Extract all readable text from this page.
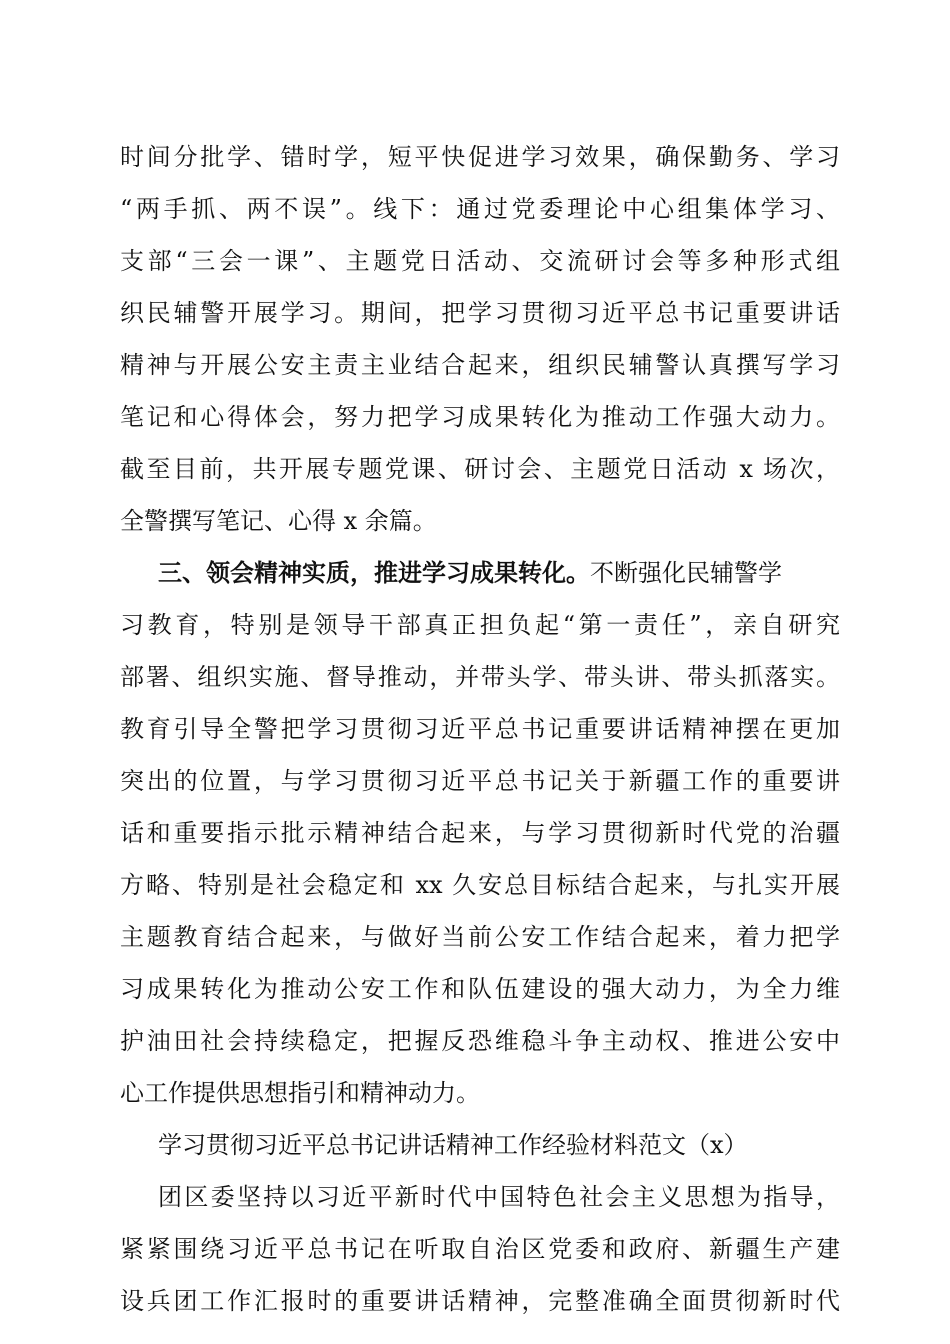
时间分批学、错时学，短平快促进学习效果，确保勤务、学习
“两手抓、两不误”。线下：通过党委理论中心组集体学习、
支部“三会一课”、主题党日活动、交流研讨会等多种形式组
织民辅警开展学习。期间，把学习贯彻习近平总书记重要讲话
精神与开展公安主责主业结合起来，组织民辅警认真撰写学习
笔记和心得体会，努力把学习成果转化为推动工作强大动力。
截至目前，共开展专题党课、研讨会、主题党日活动 x 场次，
全警撰写笔记、心得 x 余篇。
三、领会精神实质，推进学习成果转化。不断强化民辅警学
习教育，特别是领导干部真正担负起“第一责任”，亲自研究
部署、组织实施、督导推动，并带头学、带头讲、带头抓落实。
教育引导全警把学习贯彻习近平总书记重要讲话精神摆在更加
突出的位置，与学习贯彻习近平总书记关于新疆工作的重要讲
话和重要指示批示精神结合起来，与学习贯彻新时代党的治疆
方略、特别是社会稳定和 xx 久安总目标结合起来，与扎实开展
主题教育结合起来，与做好当前公安工作结合起来，着力把学
习成果转化为推动公安工作和队伍建设的强大动力，为全力维
护油田社会持续稳定，把握反恐维稳斗争主动权、推进公安中
心工作提供思想指引和精神动力。
学习贯彻习近平总书记讲话精神工作经验材料范文（x）
团区委坚持以习近平新时代中国特色社会主义思想为指导，
紧紧围绕习近平总书记在听取自治区党委和政府、新疆生产建
设兵团工作汇报时的重要讲话精神，完整准确全面贯彻新时代
